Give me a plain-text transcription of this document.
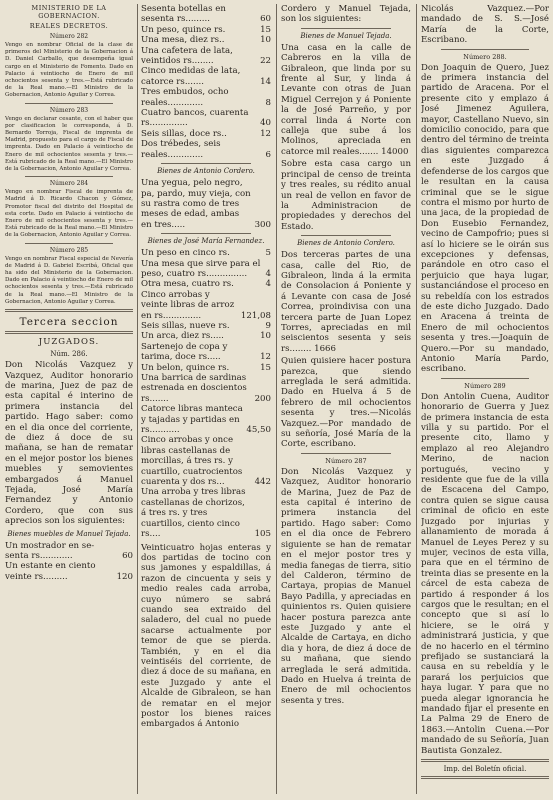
MINISTERIO DE LA GOBERNACION.
REALES DECRETOS.
Número 282

Vengo en nombrar Oficial de la clase de primeros del Ministerio de la Gobernacion á D. Daniel Carballo, que desempeña igual cargo en el Ministerio de Fomento. Dado en Palacio á veintiocho de Enero de mil ochocientos sesenta y tres.—Está rubricado de la Real mano.—El Ministro de la Gobernacion, Antonio Aguilar y Correa.

Número 283

Vengo en declarar cesante, con el haber que por clasificacion le corresponda, á D. Bernardo Torroja, Fiscal de imprenta de Madrid, propuesto para el cargo de Fiscal de imprenta. Dado en Palacio á veintiocho de Enero de mil ochocientos sesenta y tres.—Está rubricado de la Real mano.—El Ministro de la Gobernacion, Antonio Aguilar y Correa.

Número 284

Vengo en nombrar Fiscal de imprenta de Madrid á D. Ricardo Chacon y Gómez, Promotor fiscal del distrito del Hospital de esta corte. Dado en Palacio á veintiocho de Enero de mil ochocientos sesenta y tres.—Está rubricado de la Real mano.—El Ministro de la Gobernacion, Antonio Aguilar y Correa.

Número 285

Vengo en nombrar Fiscal especial de Nevería de Madrid á D. Gabriel Escribá, Oficial que ha sido del Ministerio de la Gobernacion. Dado en Palacio á veintiocho de Enero de mil ochocientos sesenta y tres.—Está rubricado de la Real mano.—El Ministro de la Gobernacion, Antonio Aguilar y Correa.

Tercera seccion
JUZGADOS.
Núm. 286.

Don Nicolás Vazquez y Vazquez, Auditor honorario de marina, Juez de paz de esta capital é interino de primera instancia del partido. Hago saber: como en el dia once del corriente, de diez á doce de su mañana, se han de rematar en el mejor postor los bienes muebles y semovientes embargados á Manuel Tejada, José María Fernandez y Antonio Cordero, que con sus aprecios son los siguientes:

Bienes muebles de Manuel Tejada.
Un mostrador en se-
senta rs............	60
Un estante en ciento
veinte rs.........	120
Sesenta botellas en sesenta rs.........	60
Un peso, quince rs.	15
Una mesa, diez rs..	10
Una cafetera de lata, veintidos rs........	22
Cinco medidas de lata, catorce rs.......	14
Tres embudos, ocho reales.............	8
Cuatro bancos, cuarenta rs..............	40
Seis sillas, doce rs..	12
Dos trébedes, seis reales.............	6
Bienes de Antonio Cordero.
Una yegua, pelo negro, pa, pardo, muy vieja, con su rastra como de tres meses de edad, ambas en tres.....	300
Bienes de José María Fernandez.
Un peso en cinco rs.	5
Una mesa que sirve para el peso, cuatro rs...............	4
Otra mesa, cuatro rs.	4
Cinco arrobas y veinte libras de arroz en rs..............	121,08
Seis sillas, nueve rs.	9
Un arca, diez rs.....	10
Sartenejo de copa y tarima, doce rs.....	12
Un belon, quince rs.	15
Una barrica de sardinas estrenada en doscientos rs.......	200
Catorce libras manteca y tajadas y partidas en rs...........	45,50
Cinco arrobas y once libras castellanas de morcillas, á tres rs. y cuartillo, cuatrocientos cuarenta y dos rs...	442
Una arroba y tres libras castellanas de chorizos, á tres rs. y tres cuartillos, ciento cinco rs....	105

Veinticuatro hojas enteras y dos partidas de tocino con sus jamones y espaldillas, á razon de cincuenta y seis y medio reales cada arroba, cuyo número se sabrá cuando sea extraido del saladero, del cual no puede sacarse actualmente por temor de que se pierda. También, y en el dia veintiséis del corriente, de diez á doce de su mañana, en este Juzgado y ante el Alcalde de Gibraleon, se han de rematar en el mejor postor los bienes raices embargados á Antonio

Cordero y Manuel Tejada, son los siguientes:

Bienes de Manuel Tejada.

Una casa en la calle de Cabreros en la villa de Gibraleon, que linda por su frente al Sur, y linda á Levante con otras de Juan Miguel Cerrejon y á Poniente la de José Parreño, y por corral linda á Norte con calleja que sube á los Molinos, apreciada en catorce mil reales....... 14000

Sobre esta casa cargo un principal de censo de treinta y tres reales, su rédito anual un real de vellon en favor de la Administracion de propiedades y derechos del Estado.

Bienes de Antonio Cordero.

Dos terceras partes de una casa, calle del Rio, de Gibraleon, linda á la ermita de Consolacion á Poniente y á Levante con casa de José Correa, proindivisa con una tercera parte de Juan Lopez Torres, apreciadas en mil seiscientos sesenta y seis rs........ 1666

Quien quisiere hacer postura parezca, que siendo arreglada le será admitida. Dado en Huelva á 5 de febrero de mil ochocientos sesenta y tres.—Nicolás Vazquez.—Por mandado de su señoría, José María de la Corte, escribano.

Número 287

Don Nicolás Vazquez y Vazquez, Auditor honorario de Marina, Juez de Paz de esta capital é interino de primera instancia del partido. Hago saber: Como en el dia once de Febrero siguiente se han de rematar en el mejor postor tres y media fanegas de tierra, sitio del Calderon, término de Cartaya, propias de Manuel Bayo Padilla, y apreciadas en quinientos rs. Quien quisiere hacer postura parezca ante este Juzgado y ante el Alcalde de Cartaya, en dicho dia y hora, de diez á doce de su mañana, que siendo arreglada le será admitida. Dado en Huelva á treinta de Enero de mil ochocientos sesenta y tres.

Nicolás Vazquez.—Por mandado de S. S.—José María de la Corte, Escribano.

Número 288.

Don Joaquin de Quero, Juez de primera instancia del partido de Aracena. Por el presente cito y emplazo á José Jimenez Aguilera, mayor, Castellano Nuevo, sin domicilio conocido, para que dentro del término de treinta dias siguientes comparezca en este Juzgado á defenderse de los cargos que le resultan en la causa criminal que se le sigue contra el mismo por hurto de una jaca, de la propiedad de Don Eusebio Fernandez, vecino de Campofrio; pues si así lo hiciere se le oirán sus excepciones y defensas, parándole en otro caso el perjuicio que haya lugar, sustanciándose el proceso en su rebeldía con los estrados de este dicho Juzgado. Dado en Aracena á treinta de Enero de mil ochocientos sesenta y tres.—Joaquin de Quero.—Por su mandado, Antonio María Pardo, escribano.

Número 289

Don Antolin Cuena, Auditor honorario de Guerra y Juez de primera instancia de esta villa y su partido. Por el presente cito, llamo y emplazo al reo Alejandro Merino, de nacion portugués, vecino y residente que fue de la villa de Escacena del Campo, contra quien se sigue causa criminal de oficio en este Juzgado por injurias y allanamiento de morada á Manuel de Leyes Perez y su mujer, vecinos de esta villa, para que en el término de treinta dias se presente en la cárcel de esta cabeza de partido á responder á los cargos que le resultan; en el concepto que si así lo hiciere, se le oirá y administrará justicia, y que de no hacerlo en el término prefijado se sustanciará la causa en su rebeldía y le parará los perjuicios que haya lugar. Y para que no pueda alegar ignorancia he mandado fijar el presente en La Palma 29 de Enero de 1863.—Antolin Cuena.—Por mandado de su Señoría, Juan Bautista Gonzalez.

Imp. del Boletín oficial.
